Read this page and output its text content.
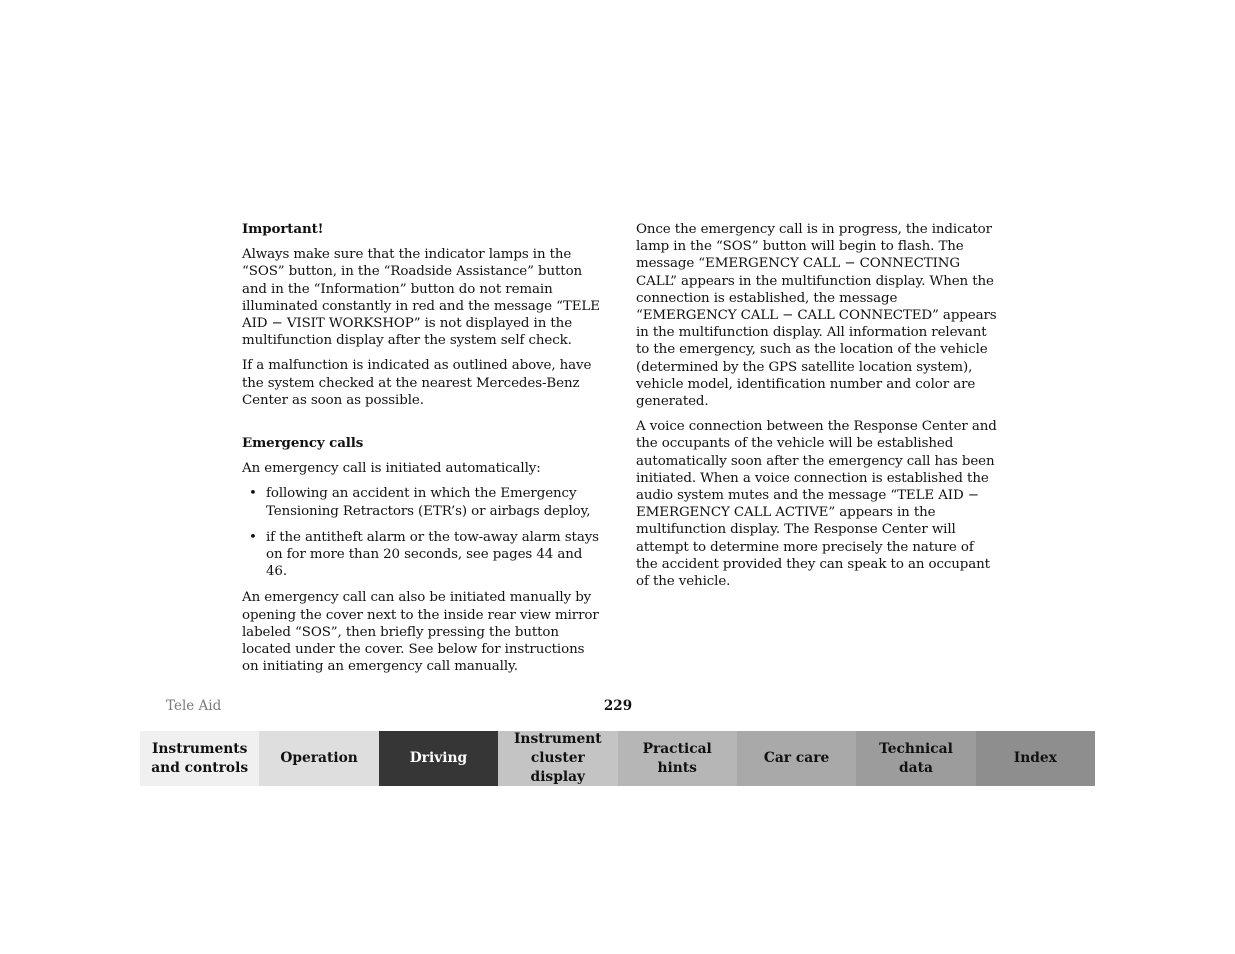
Important!

Always make sure that the indicator lamps in the “SOS” button, in the “Roadside Assistance” button and in the “Information” button do not remain illuminated constantly in red and the message “TELE AID − VISIT WORKSHOP” is not displayed in the multifunction display after the system self check.

If a malfunction is indicated as outlined above, have the system checked at the nearest Mercedes-Benz Center as soon as possible.

Emergency calls

An emergency call is initiated automatically:

• following an accident in which the Emergency Tensioning Retractors (ETR’s) or airbags deploy,
• if the antitheft alarm or the tow-away alarm stays on for more than 20 seconds, see pages 44 and 46.

An emergency call can also be initiated manually by opening the cover next to the inside rear view mirror labeled “SOS”, then briefly pressing the button located under the cover. See below for instructions on initiating an emergency call manually.

Once the emergency call is in progress, the indicator lamp in the “SOS” button will begin to flash. The message “EMERGENCY CALL − CONNECTING CALL” appears in the multifunction display. When the connection is established, the message “EMERGENCY CALL − CALL CONNECTED” appears in the multifunction display. All information relevant to the emergency, such as the location of the vehicle (determined by the GPS satellite location system), vehicle model, identification number and color are generated.

A voice connection between the Response Center and the occupants of the vehicle will be established automatically soon after the emergency call has been initiated. When a voice connection is established the audio system mutes and the message “TELE AID − EMERGENCY CALL ACTIVE” appears in the multifunction display. The Response Center will attempt to determine more precisely the nature of the accident provided they can speak to an occupant of the vehicle.

Tele Aid	229
Instruments
and controls
Operation	Driving
Instrument
cluster display
Practical hints
Car care
Technical
data
Index
